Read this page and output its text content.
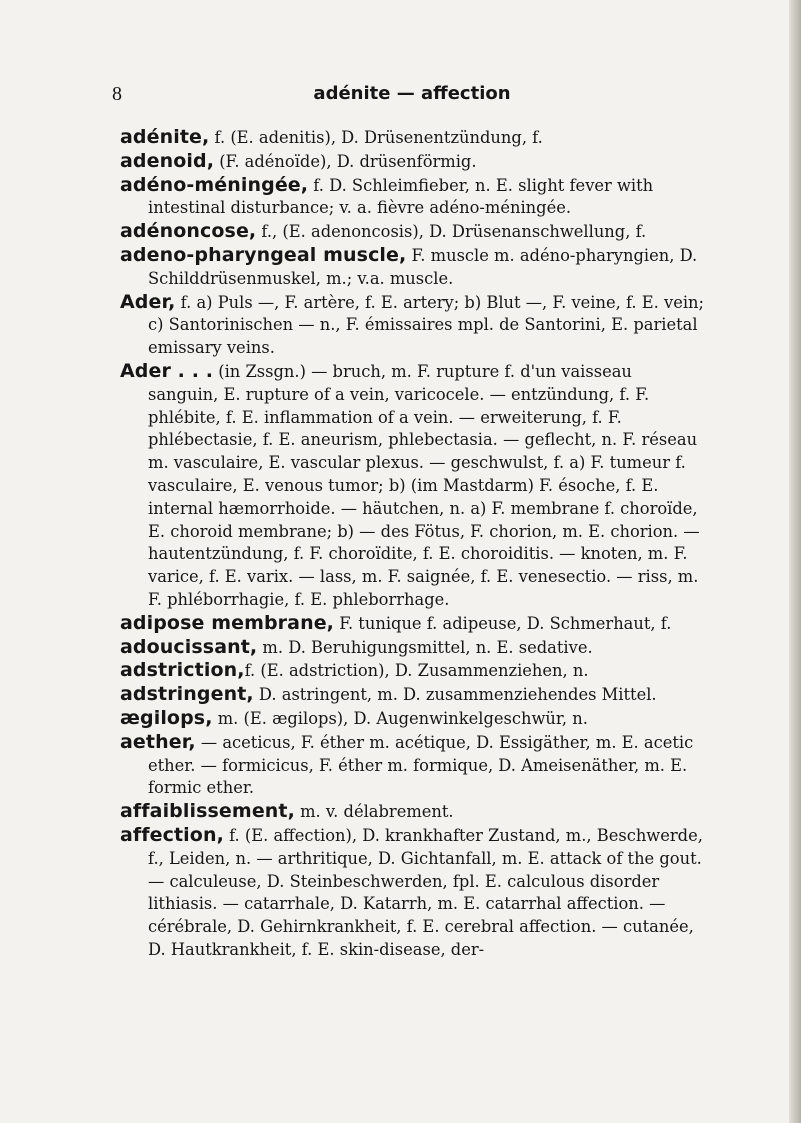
8	adénite — affection

adénite, f. (E. adenitis), D. Drüsenentzündung, f.

adenoid, (F. adénoïde), D. drüsenförmig.

adéno-méningée, f. D. Schleimfieber, n. E. slight fever with intestinal disturbance; v. a. fièvre adéno-méningée.

adénoncose, f., (E. adenoncosis), D. Drüsenanschwellung, f.

adeno-pharyngeal muscle, F. muscle m. adéno-pharyngien, D. Schilddrüsenmuskel, m.; v.a. muscle.

Ader, f. a) Puls —, F. artère, f. E. artery; b) Blut —, F. veine, f. E. vein; c) Santorinischen — n., F. émissaires mpl. de Santorini, E. parietal emissary veins.

Ader . . . (in Zssgn.) — bruch, m. F. rupture f. d'un vaisseau sanguin, E. rupture of a vein, varicocele. — entzündung, f. F. phlébite, f. E. inflammation of a vein. — erweiterung, f. F. phlébectasie, f. E. aneurism, phlebectasia. — geflecht, n. F. réseau m. vasculaire, E. vascular plexus. — geschwulst, f. a) F. tumeur f. vasculaire, E. venous tumor; b) (im Mastdarm) F. ésoche, f. E. internal hæmorrhoide. — häutchen, n. a) F. membrane f. choroïde, E. choroid membrane; b) — des Fötus, F. chorion, m. E. chorion. — hautentzündung, f. F. choroïdite, f. E. choroiditis. — knoten, m. F. varice, f. E. varix. — lass, m. F. saignée, f. E. venesectio. — riss, m. F. phléborrhagie, f. E. phleborrhage.

adipose membrane, F. tunique f. adipeuse, D. Schmerhaut, f.

adoucissant, m. D. Beruhigungsmittel, n. E. sedative.

adstriction,f. (E. adstriction), D. Zusammenziehen, n.

adstringent, D. astringent, m. D. zusammenziehendes Mittel.

ægilops, m. (E. ægilops), D. Augenwinkelgeschwür, n.

aether, — aceticus, F. éther m. acétique, D. Essigäther, m. E. acetic ether. — formicicus, F. éther m. formique, D. Ameisenäther, m. E. formic ether.

affaiblissement, m. v. délabrement.

affection, f. (E. affection), D. krankhafter Zustand, m., Beschwerde, f., Leiden, n. — arthritique, D. Gichtanfall, m. E. attack of the gout. — calculeuse, D. Steinbeschwerden, fpl. E. calculous disorder lithiasis. — catarrhale, D. Katarrh, m. E. catarrhal affection. — cérébrale, D. Gehirnkrankheit, f. E. cerebral affection. — cutanée, D. Hautkrankheit, f. E. skin-disease, der-
